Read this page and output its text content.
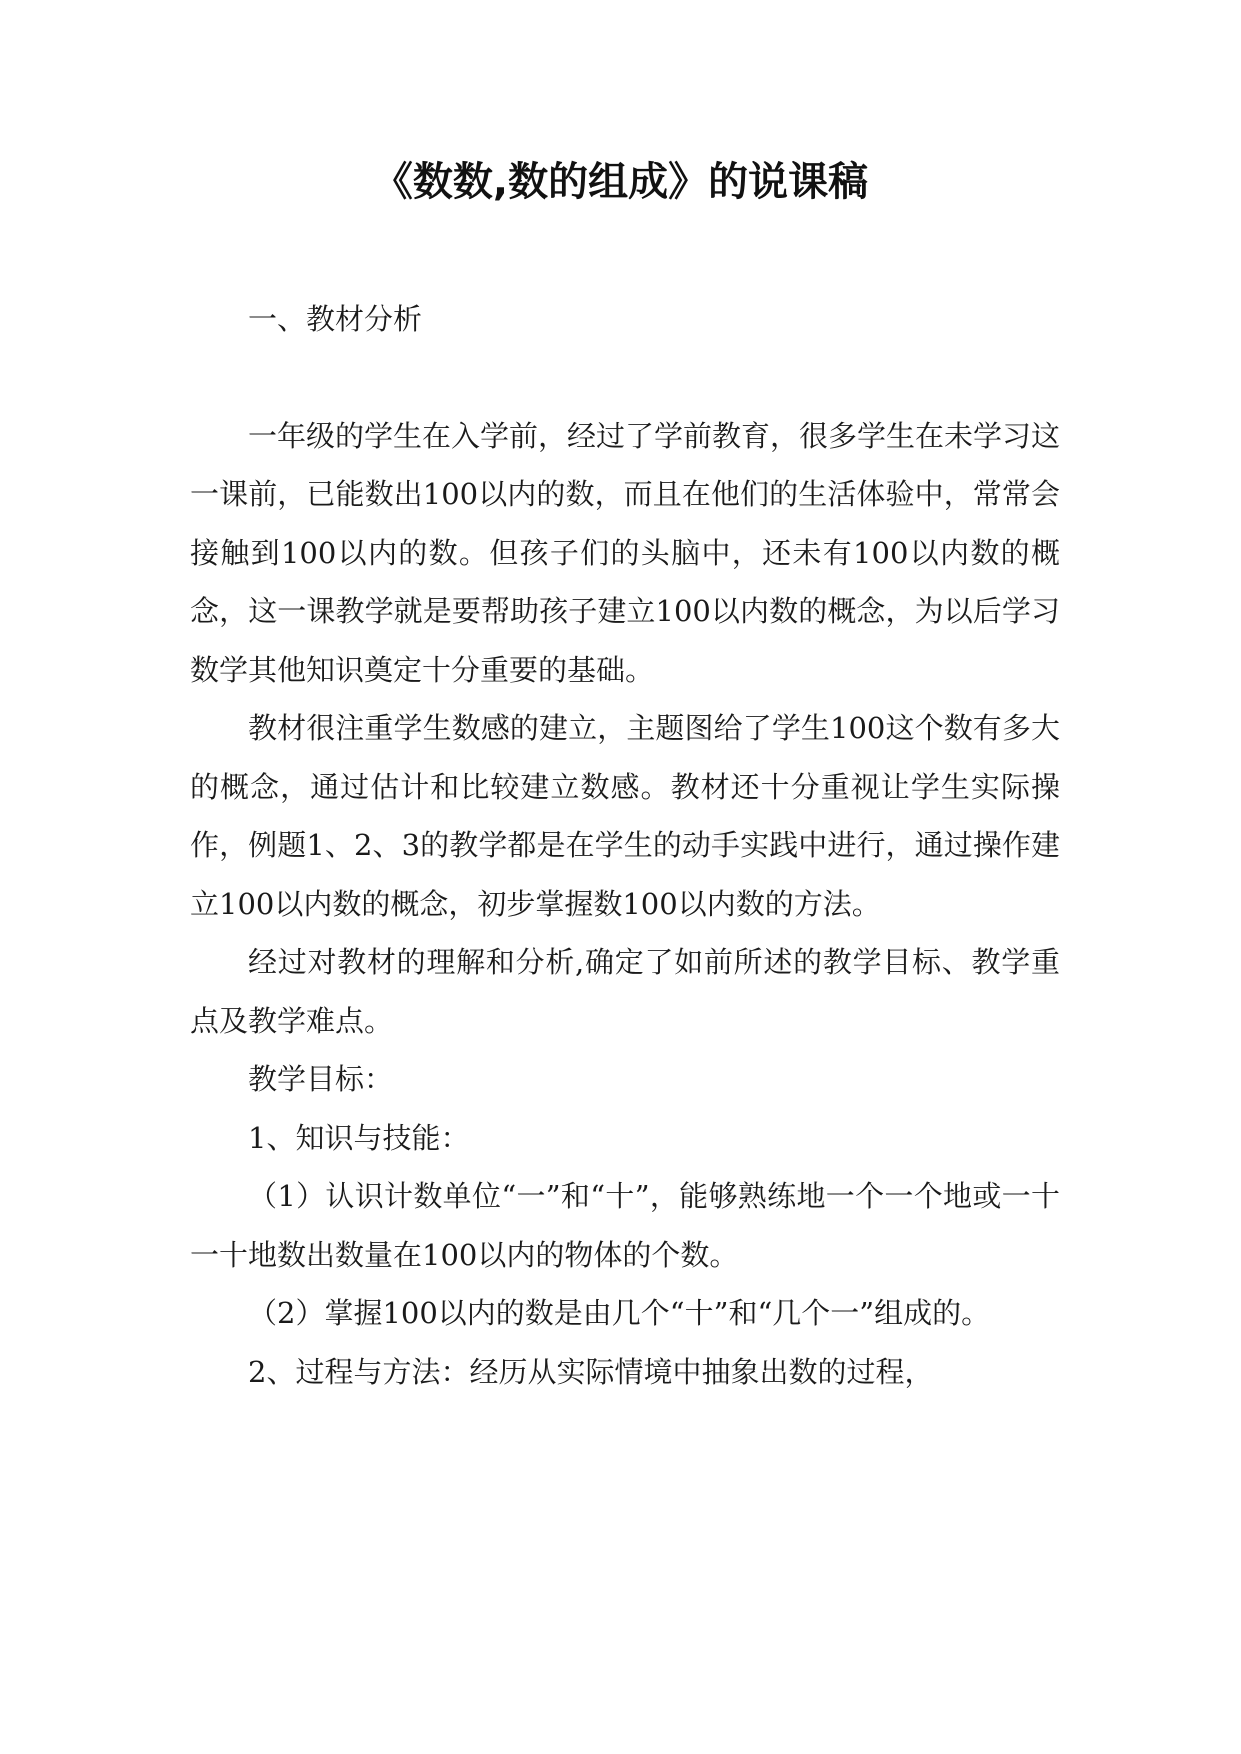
《数数,数的组成》的说课稿

一、教材分析

一年级的学生在入学前，经过了学前教育，很多学生在未学习这一课前，已能数出100以内的数，而且在他们的生活体验中，常常会接触到100以内的数。但孩子们的头脑中，还未有100以内数的概念，这一课教学就是要帮助孩子建立100以内数的概念，为以后学习数学其他知识奠定十分重要的基础。

教材很注重学生数感的建立，主题图给了学生100这个数有多大的概念，通过估计和比较建立数感。教材还十分重视让学生实际操作，例题1、2、3的教学都是在学生的动手实践中进行，通过操作建立100以内数的概念，初步掌握数100以内数的方法。

经过对教材的理解和分析,确定了如前所述的教学目标、教学重点及教学难点。

教学目标：

1、知识与技能：

（1）认识计数单位“一”和“十”，能够熟练地一个一个地或一十一十地数出数量在100以内的物体的个数。

（2）掌握100以内的数是由几个“十”和“几个一”组成的。

2、过程与方法：经历从实际情境中抽象出数的过程，
